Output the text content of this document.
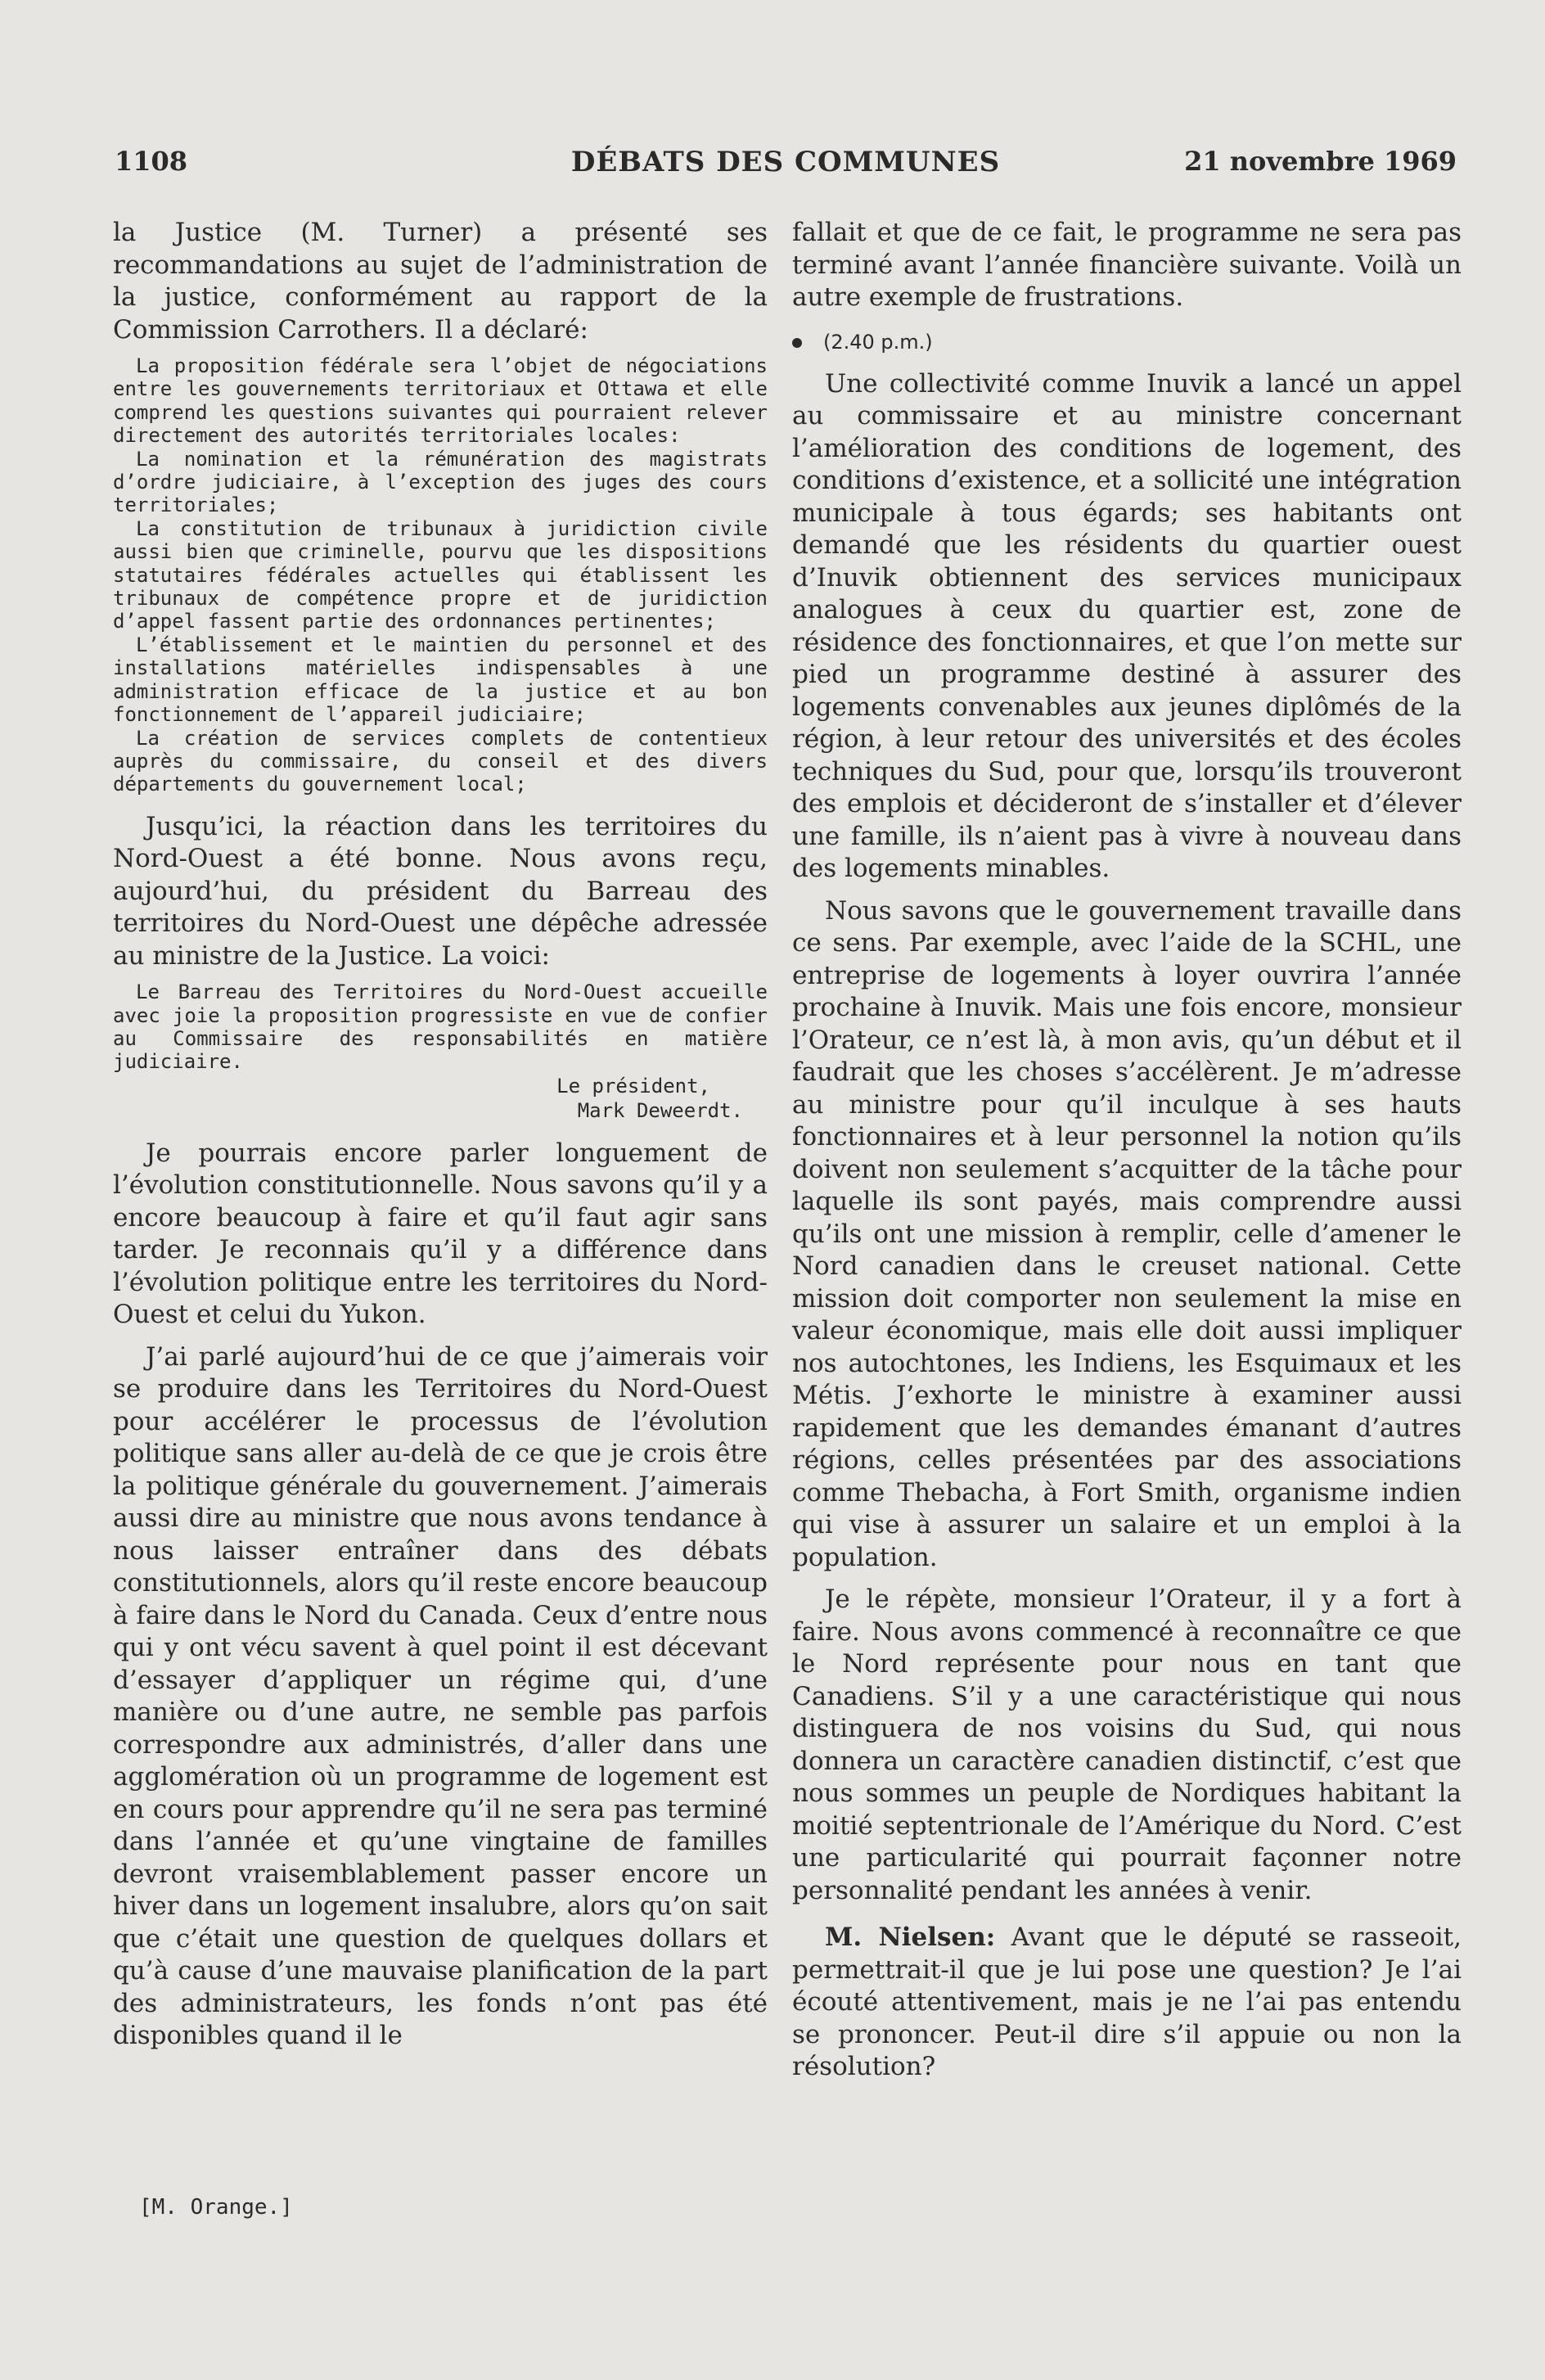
1108	DÉBATS DES COMMUNES	21 novembre 1969

la Justice (M. Turner) a présenté ses recommandations au sujet de l’administration de la justice, conformément au rapport de la Commission Carrothers. Il a déclaré:

La proposition fédérale sera l’objet de négociations entre les gouvernements territoriaux et Ottawa et elle comprend les questions suivantes qui pourraient relever directement des autorités territoriales locales:

La nomination et la rémunération des magistrats d’ordre judiciaire, à l’exception des juges des cours territoriales;

La constitution de tribunaux à juridiction civile aussi bien que criminelle, pourvu que les dispositions statutaires fédérales actuelles qui établissent les tribunaux de compétence propre et de juridiction d’appel fassent partie des ordonnances pertinentes;

L’établissement et le maintien du personnel et des installations matérielles indispensables à une administration efficace de la justice et au bon fonctionnement de l’appareil judiciaire;

La création de services complets de contentieux auprès du commissaire, du conseil et des divers départements du gouvernement local;

Jusqu’ici, la réaction dans les territoires du Nord-Ouest a été bonne. Nous avons reçu, aujourd’hui, du président du Barreau des territoires du Nord-Ouest une dépêche adressée au ministre de la Justice. La voici:

Le Barreau des Territoires du Nord-Ouest accueille avec joie la proposition progressiste en vue de confier au Commissaire des responsabilités en matière judiciaire.

Le président,
Mark Deweerdt.

Je pourrais encore parler longuement de l’évolution constitutionnelle. Nous savons qu’il y a encore beaucoup à faire et qu’il faut agir sans tarder. Je reconnais qu’il y a différence dans l’évolution politique entre les territoires du Nord-Ouest et celui du Yukon.

J’ai parlé aujourd’hui de ce que j’aimerais voir se produire dans les Territoires du Nord-Ouest pour accélérer le processus de l’évolution politique sans aller au-delà de ce que je crois être la politique générale du gouvernement. J’aimerais aussi dire au ministre que nous avons tendance à nous laisser entraîner dans des débats constitutionnels, alors qu’il reste encore beaucoup à faire dans le Nord du Canada. Ceux d’entre nous qui y ont vécu savent à quel point il est décevant d’essayer d’appliquer un régime qui, d’une manière ou d’une autre, ne semble pas parfois correspondre aux administrés, d’aller dans une agglomération où un programme de logement est en cours pour apprendre qu’il ne sera pas terminé dans l’année et qu’une vingtaine de familles devront vraisemblablement passer encore un hiver dans un logement insalubre, alors qu’on sait que c’était une question de quelques dollars et qu’à cause d’une mauvaise planification de la part des administrateurs, les fonds n’ont pas été disponibles quand il le

fallait et que de ce fait, le programme ne sera pas terminé avant l’année financière suivante. Voilà un autre exemple de frustrations.

(2.40 p.m.)

Une collectivité comme Inuvik a lancé un appel au commissaire et au ministre concernant l’amélioration des conditions de logement, des conditions d’existence, et a sollicité une intégration municipale à tous égards; ses habitants ont demandé que les résidents du quartier ouest d’Inuvik obtiennent des services municipaux analogues à ceux du quartier est, zone de résidence des fonctionnaires, et que l’on mette sur pied un programme destiné à assurer des logements convenables aux jeunes diplômés de la région, à leur retour des universités et des écoles techniques du Sud, pour que, lorsqu’ils trouveront des emplois et décideront de s’installer et d’élever une famille, ils n’aient pas à vivre à nouveau dans des logements minables.

Nous savons que le gouvernement travaille dans ce sens. Par exemple, avec l’aide de la SCHL, une entreprise de logements à loyer ouvrira l’année prochaine à Inuvik. Mais une fois encore, monsieur l’Orateur, ce n’est là, à mon avis, qu’un début et il faudrait que les choses s’accélèrent. Je m’adresse au ministre pour qu’il inculque à ses hauts fonctionnaires et à leur personnel la notion qu’ils doivent non seulement s’acquitter de la tâche pour laquelle ils sont payés, mais comprendre aussi qu’ils ont une mission à remplir, celle d’amener le Nord canadien dans le creuset national. Cette mission doit comporter non seulement la mise en valeur économique, mais elle doit aussi impliquer nos autochtones, les Indiens, les Esquimaux et les Métis. J’exhorte le ministre à examiner aussi rapidement que les demandes émanant d’autres régions, celles présentées par des associations comme Thebacha, à Fort Smith, organisme indien qui vise à assurer un salaire et un emploi à la population.

Je le répète, monsieur l’Orateur, il y a fort à faire. Nous avons commencé à reconnaître ce que le Nord représente pour nous en tant que Canadiens. S’il y a une caractéristique qui nous distinguera de nos voisins du Sud, qui nous donnera un caractère canadien distinctif, c’est que nous sommes un peuple de Nordiques habitant la moitié septentrionale de l’Amérique du Nord. C’est une particularité qui pourrait façonner notre personnalité pendant les années à venir.

M. Nielsen: Avant que le député se rasseoit, permettrait-il que je lui pose une question? Je l’ai écouté attentivement, mais je ne l’ai pas entendu se prononcer. Peut-il dire s’il appuie ou non la résolution?

[M. Orange.]
